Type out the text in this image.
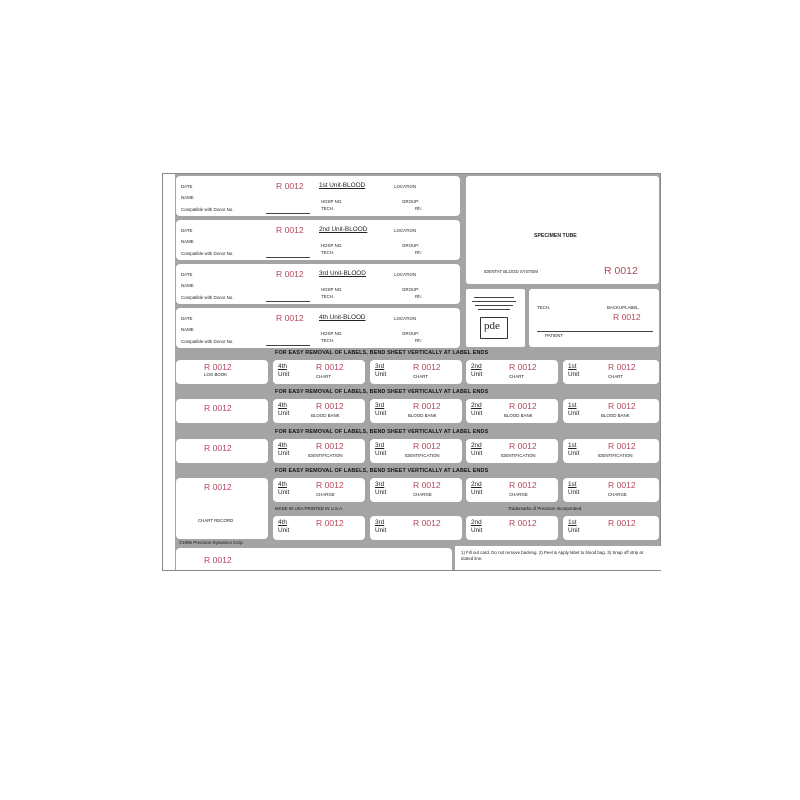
DATE	R 0012 1st Unit-BLOOD	LOCATION
NAME
HOSP NO.	GROUP:
Compatible with Donor No.	TECH.	Rh:
DATE	R 0012 2nd Unit-BLOOD	LOCATION
NAME
HOSP NO.	GROUP:
Compatible with Donor No.	TECH.	Rh:
DATE	R 0012 3rd Unit-BLOOD	LOCATION
NAME
HOSP NO.	GROUP:
Compatible with Donor No.	TECH.	Rh:
DATE	R 0012 4th Unit-BLOOD	LOCATION
NAME
HOSP NO.	GROUP:
Compatible with Donor No.	TECH.	Rh:
SPECIMEN TUBE
IDENTAT BLOOD SYSTEM	R 0012
pde
TECH.	BACKUPLABEL
R 0012
PATIENT
FOR EASY REMOVAL OF LABELS, BEND SHEET VERTICALLY AT LABEL ENDS
R 0012
LOG BOOK
4th
Unit
R 0012
CHART
3rd
Unit
R 0012
CHART
2nd
Unit
R 0012
CHART
1st
Unit
R 0012
CHART
FOR EASY REMOVAL OF LABELS, BEND SHEET VERTICALLY AT LABEL ENDS
R 0012	4th
Unit
R 0012
BLOOD BANK
3rd
Unit
R 0012
BLOOD BANK
2nd
Unit
R 0012
BLOOD BANK
1st
Unit
R 0012
BLOOD BANK
FOR EASY REMOVAL OF LABELS, BEND SHEET VERTICALLY AT LABEL ENDS
R 0012	4th
Unit
R 0012
IDENTIFICATION
3rd
Unit
R 0012
IDENTIFICATION
2nd
Unit
R 0012
IDENTIFICATION
1st
Unit
R 0012
IDENTIFICATION
FOR EASY REMOVAL OF LABELS, BEND SHEET VERTICALLY AT LABEL ENDS
R 0012
CHART RECORD
4th
Unit
R 0012
CHARGE
3rd
Unit
R 0012
CHARGE
2nd
Unit
R 0012
CHARGE
1st
Unit
R 0012
CHARGE
MADE IN USA PRINTED IN U.S.A.	Trademarks of Precision Incorporated
4th
Unit
R 0012	3rd
Unit
R 0012	2nd
Unit
R 0012	1st
Unit
R 0012
©1996 Precision Dynamics Corp.
R 0012
1) Fill out card. Do not remove backing. 2) Peel & Apply label to blood bag. 3) Snap off strip at dotted line.
